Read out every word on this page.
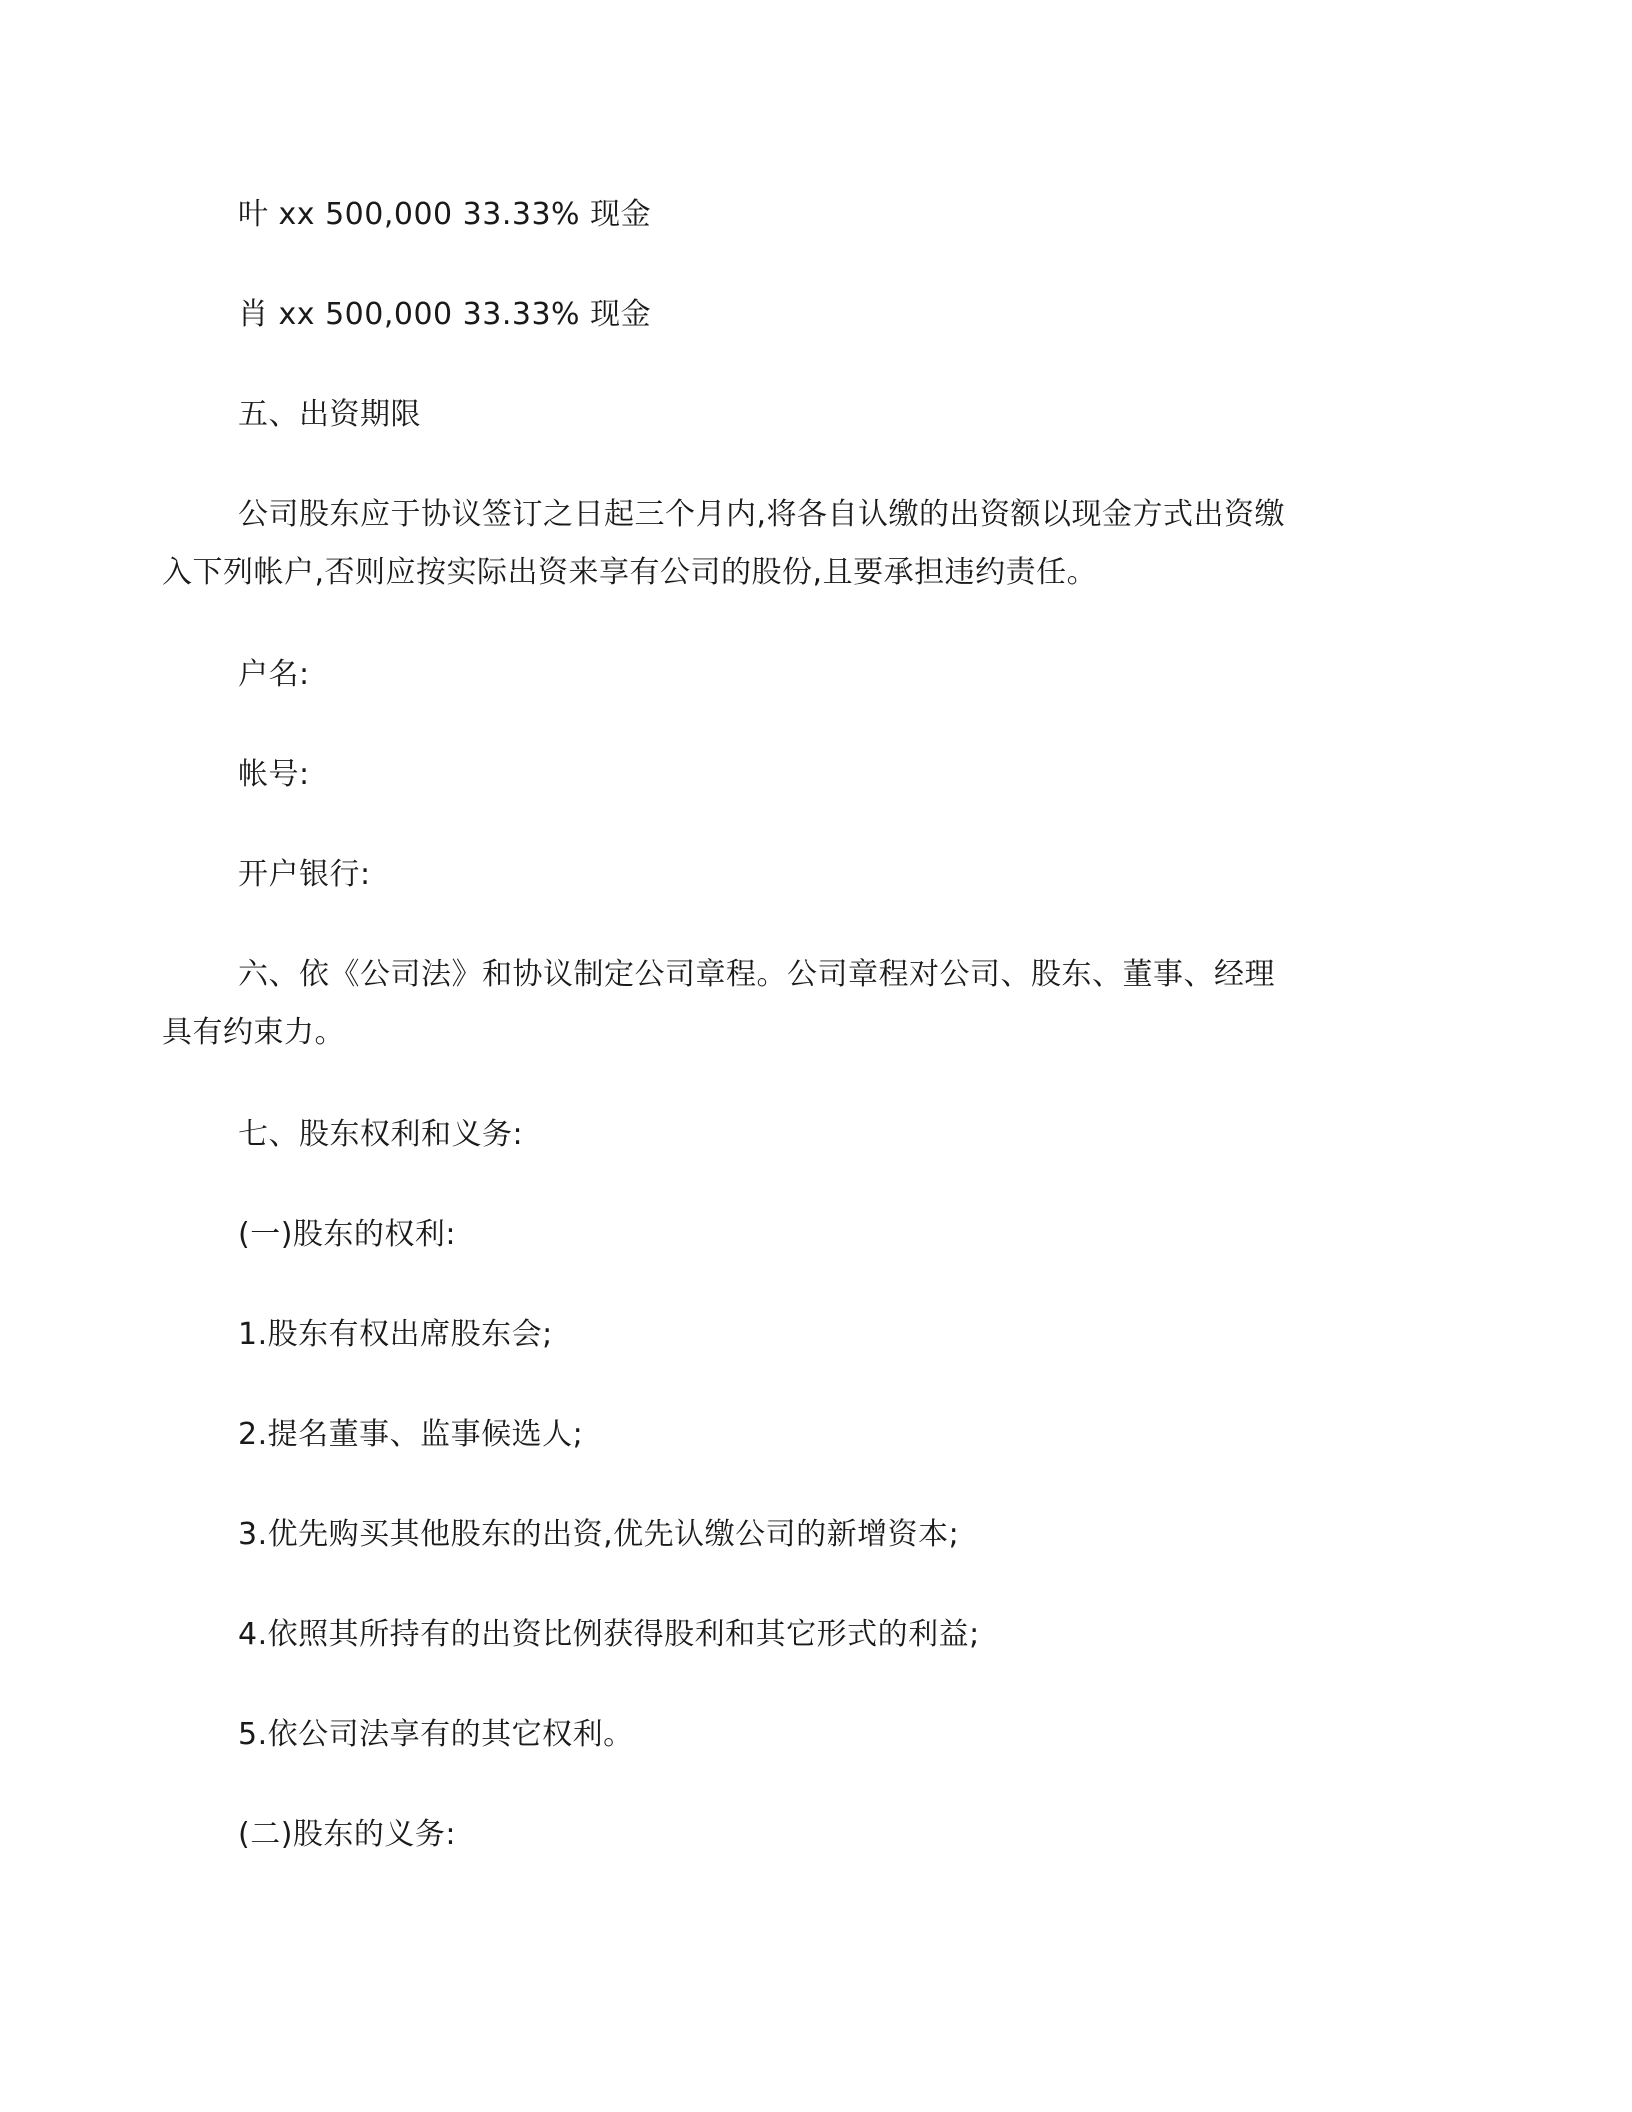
叶 xx 500,000 33.33% 现金

肖 xx 500,000 33.33% 现金

五、出资期限

公司股东应于协议签订之日起三个月内,将各自认缴的出资额以现金方式出资缴入下列帐户,否则应按实际出资来享有公司的股份,且要承担违约责任。

户名:

帐号:

开户银行:

六、依《公司法》和协议制定公司章程。公司章程对公司、股东、董事、经理具有约束力。

七、股东权利和义务:

(一)股东的权利:

1.股东有权出席股东会;

2.提名董事、监事候选人;

3.优先购买其他股东的出资,优先认缴公司的新增资本;

4.依照其所持有的出资比例获得股利和其它形式的利益;

5.依公司法享有的其它权利。

(二)股东的义务:
